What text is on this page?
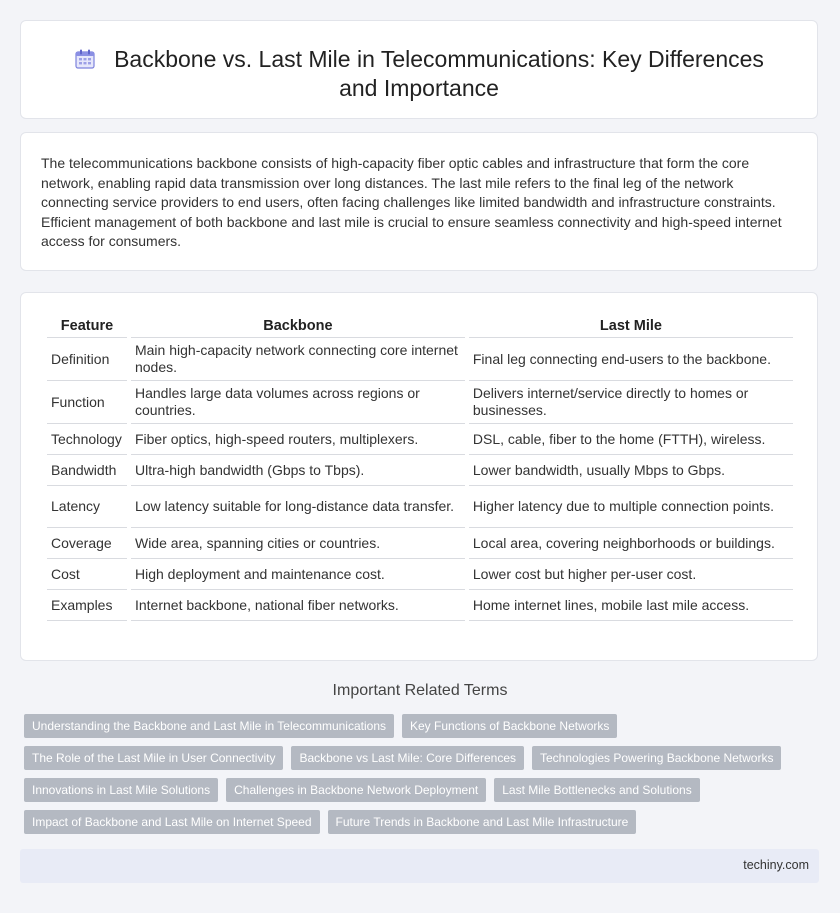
Backbone vs. Last Mile in Telecommunications: Key Differences and Importance

The telecommunications backbone consists of high-capacity fiber optic cables and infrastructure that form the core network, enabling rapid data transmission over long distances. The last mile refers to the final leg of the network connecting service providers to end users, often facing challenges like limited bandwidth and infrastructure constraints. Efficient management of both backbone and last mile is crucial to ensure seamless connectivity and high-speed internet access for consumers.

Feature	Backbone	Last Mile
Definition	Main high-capacity network connecting core internet nodes.	Final leg connecting end-users to the backbone.
Function	Handles large data volumes across regions or countries.	Delivers internet/service directly to homes or businesses.
Technology	Fiber optics, high-speed routers, multiplexers.	DSL, cable, fiber to the home (FTTH), wireless.
Bandwidth	Ultra-high bandwidth (Gbps to Tbps).	Lower bandwidth, usually Mbps to Gbps.
Latency	Low latency suitable for long-distance data transfer.	Higher latency due to multiple connection points.
Coverage	Wide area, spanning cities or countries.	Local area, covering neighborhoods or buildings.
Cost	High deployment and maintenance cost.	Lower cost but higher per-user cost.
Examples	Internet backbone, national fiber networks.	Home internet lines, mobile last mile access.
Important Related Terms
Understanding the Backbone and Last Mile in Telecommunications	Key Functions of Backbone Networks
The Role of the Last Mile in User Connectivity	Backbone vs Last Mile: Core Differences	Technologies Powering Backbone Networks
Innovations in Last Mile Solutions	Challenges in Backbone Network Deployment	Last Mile Bottlenecks and Solutions
Impact of Backbone and Last Mile on Internet Speed	Future Trends in Backbone and Last Mile Infrastructure
techiny.com
